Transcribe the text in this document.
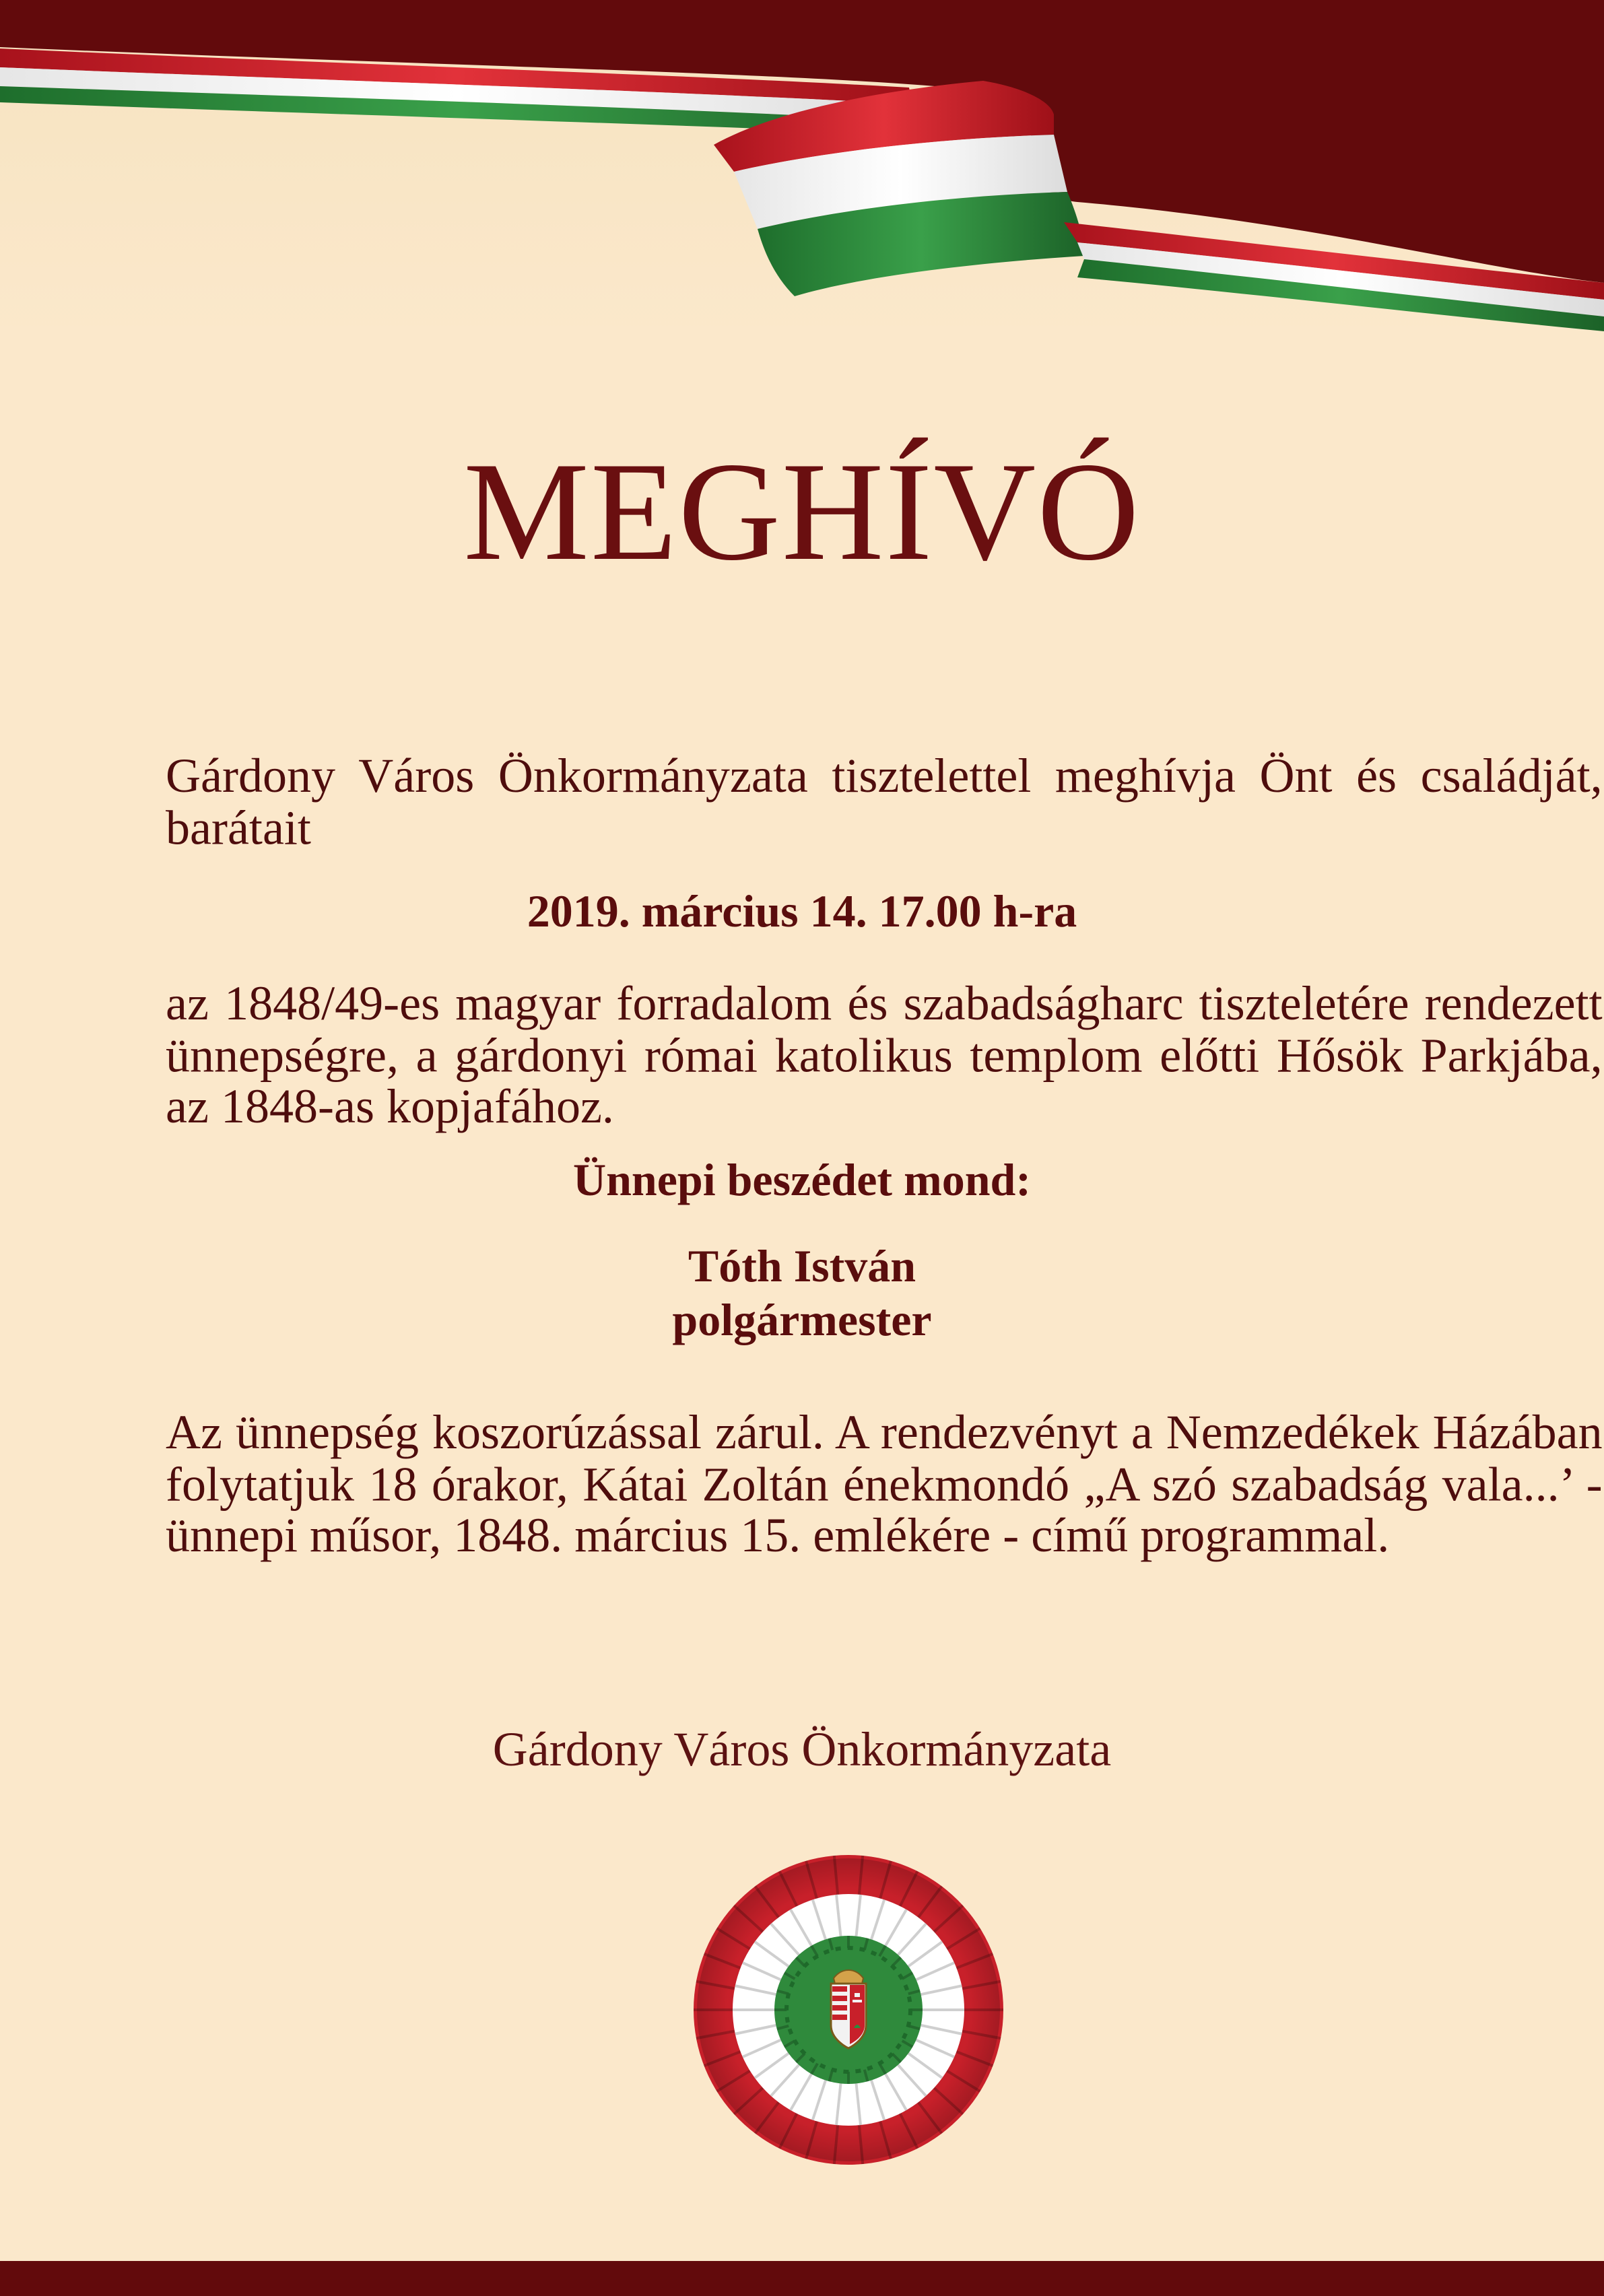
MEGHÍVÓ

Gárdony Város Önkormányzata tisztelettel meghívja Önt és családját, barátait

2019. március 14. 17.00 h-ra

az 1848/49-es magyar forradalom és szabadságharc tiszteletére rendezett ünnepségre, a gárdonyi római katolikus templom előtti Hősök Parkjába, az 1848-as kopjafához.

Ünnepi beszédet mond:

Tóth István

polgármester

Az ünnepség koszorúzással zárul. A rendezvényt a Nemzedékek Házában folytatjuk 18 órakor, Kátai Zoltán énekmondó „A szó szabadság vala...’ - ünnepi műsor, 1848. március 15. emlékére - című programmal.

Gárdony Város Önkormányzata
